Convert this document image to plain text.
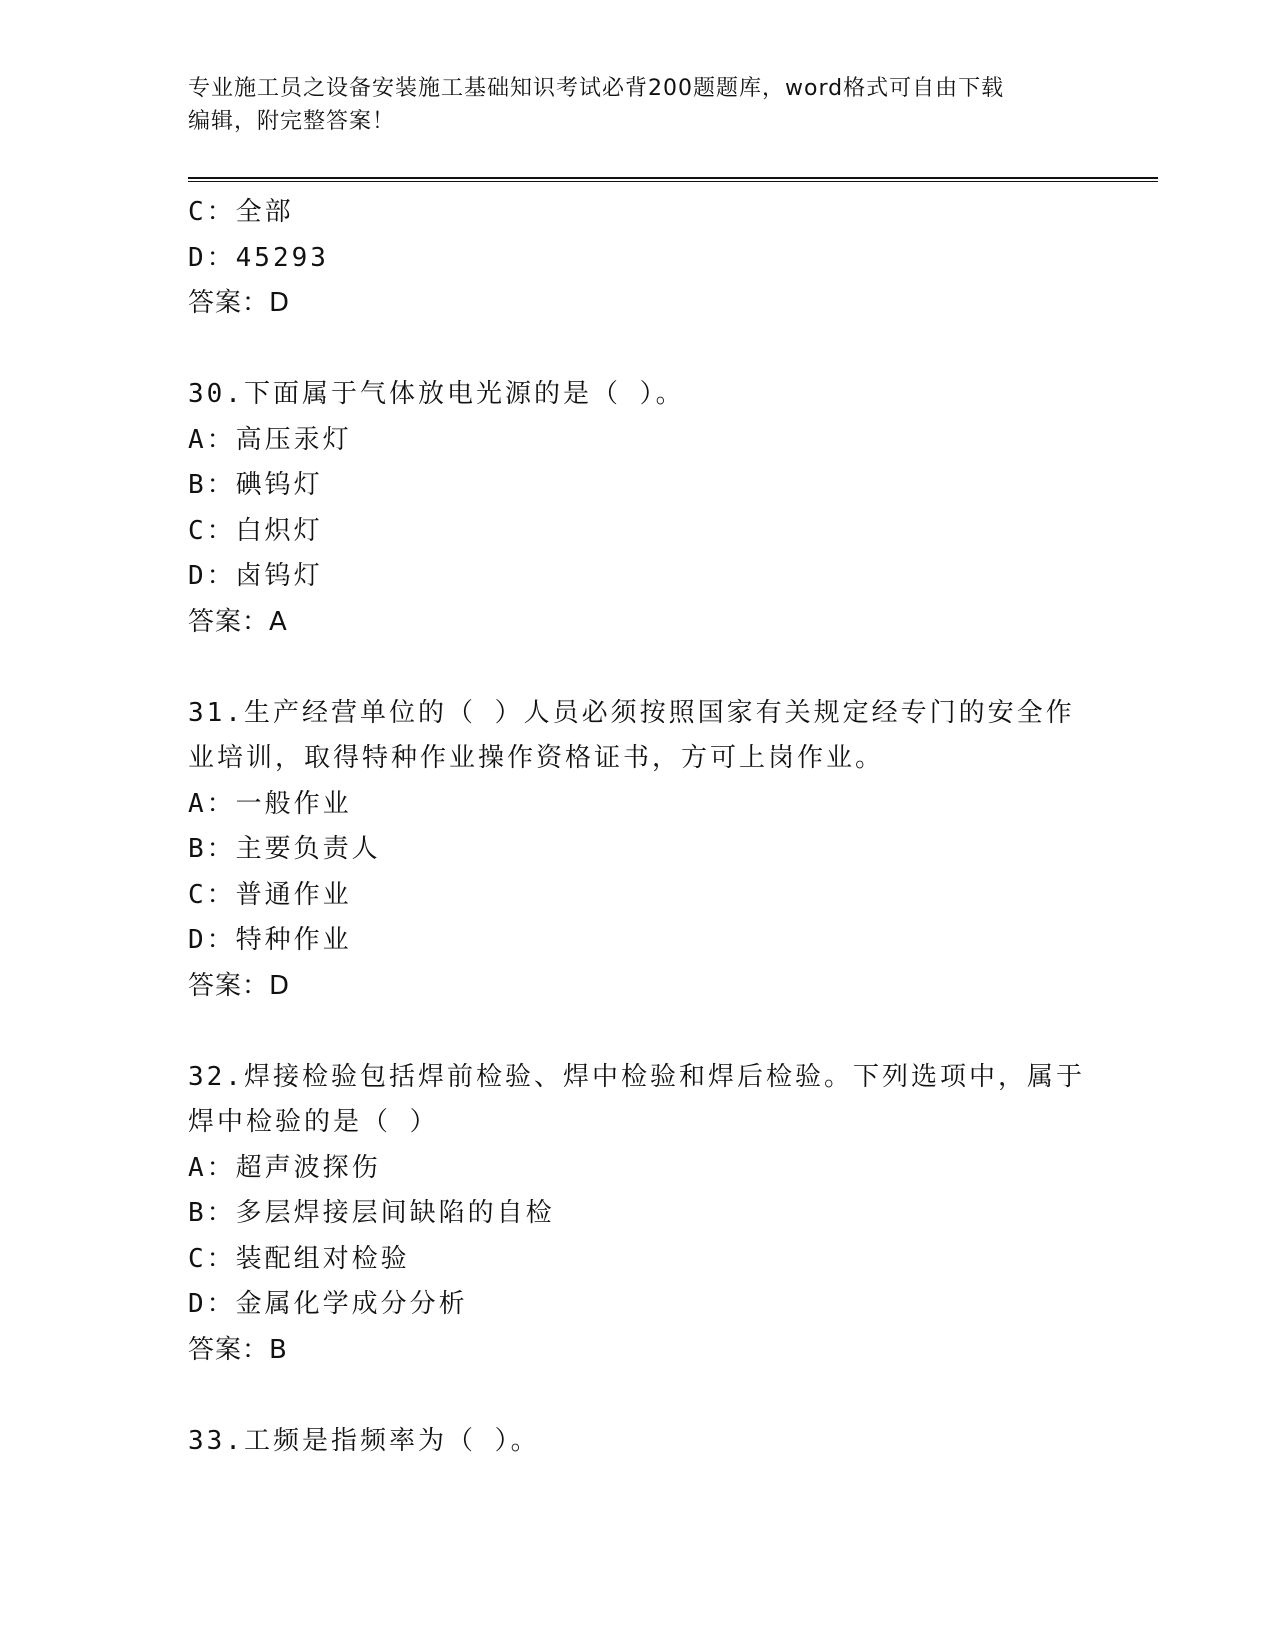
专业施工员之设备安装施工基础知识考试必背200题题库，word格式可自由下载
编辑，附完整答案！
C：全部
D：45293
答案：D
30.下面属于气体放电光源的是（ ）。
A：高压汞灯
B：碘钨灯
C：白炽灯
D：卤钨灯
答案：A
31.生产经营单位的（ ）人员必须按照国家有关规定经专门的安全作
业培训，取得特种作业操作资格证书，方可上岗作业。
A：一般作业
B：主要负责人
C：普通作业
D：特种作业
答案：D
32.焊接检验包括焊前检验、焊中检验和焊后检验。下列选项中，属于
焊中检验的是（ ）
A：超声波探伤
B：多层焊接层间缺陷的自检
C：装配组对检验
D：金属化学成分分析
答案：B
33.工频是指频率为（ ）。
